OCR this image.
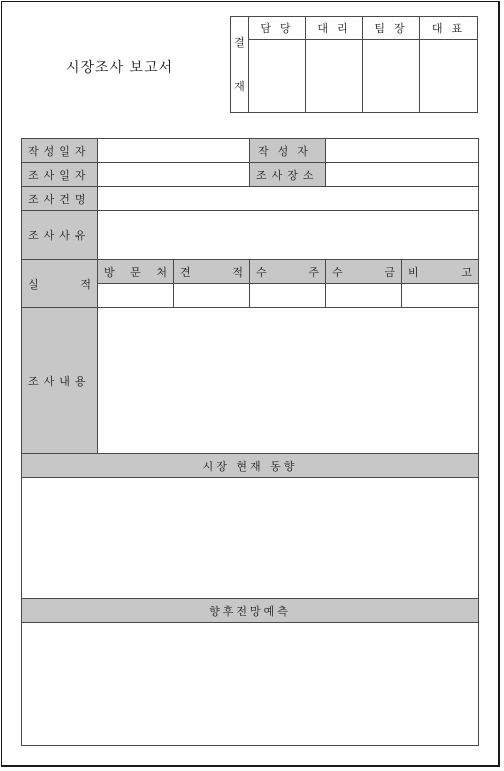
시장조사 보고서
결

재	담당	대리	팀장	대표

작성일자			작성자		
조사일자			조사장소		
조사건명					
조사사유					

실 적	방 문 처	견 적	수 주	수 금	비 고

조사내용					
시장 현재 동향					

향후전망예측					
